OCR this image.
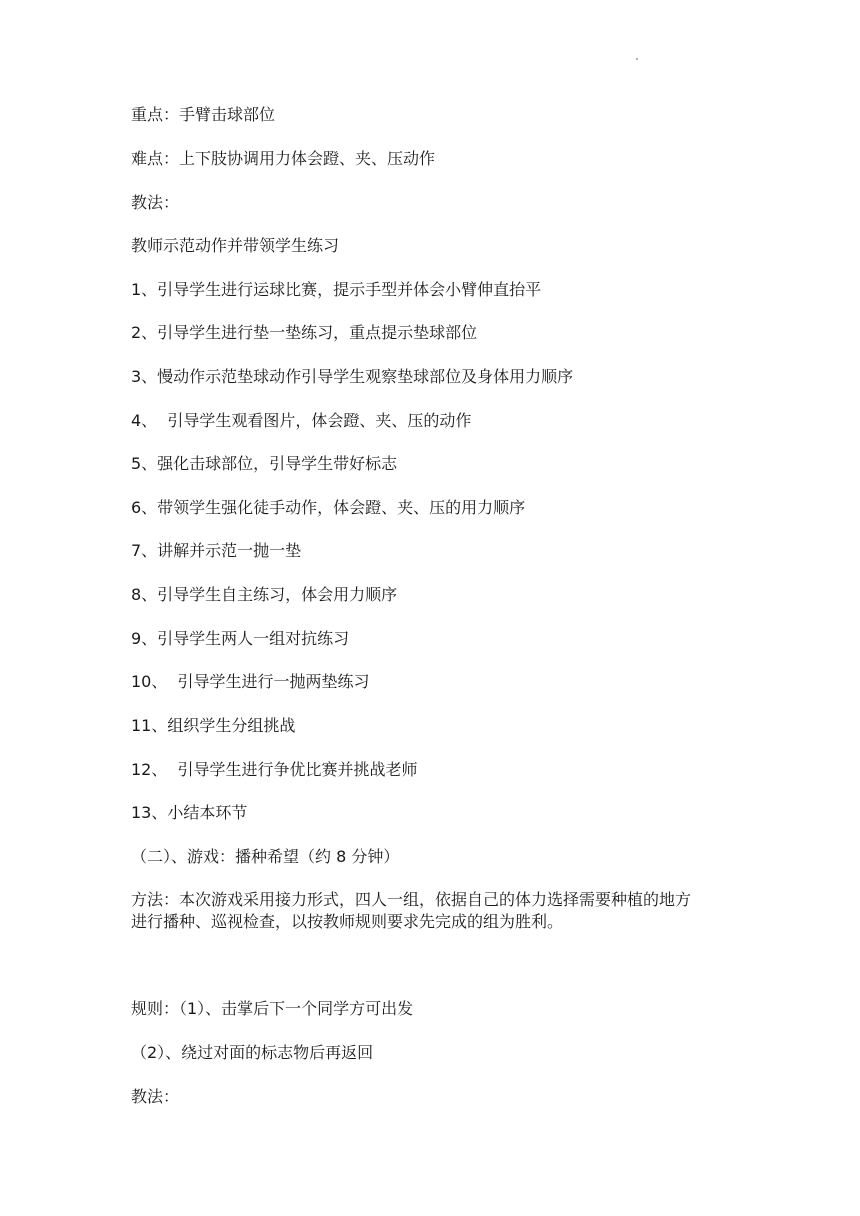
重点：手臂击球部位
难点：上下肢协调用力体会蹬、夹、压动作
教法：
教师示范动作并带领学生练习
1、引导学生进行运球比赛，提示手型并体会小臂伸直抬平
2、引导学生进行垫一垫练习，重点提示垫球部位
3、慢动作示范垫球动作引导学生观察垫球部位及身体用力顺序
4、  引导学生观看图片，体会蹬、夹、压的动作
5、强化击球部位，引导学生带好标志
6、带领学生强化徒手动作，体会蹬、夹、压的用力顺序
7、讲解并示范一抛一垫
8、引导学生自主练习，体会用力顺序
9、引导学生两人一组对抗练习
10、  引导学生进行一抛两垫练习
11、组织学生分组挑战
12、  引导学生进行争优比赛并挑战老师
13、小结本环节
（二）、游戏：播种希望（约 8 分钟）
方法：本次游戏采用接力形式，四人一组，依据自己的体力选择需要种植的地方
进行播种、巡视检查，以按教师规则要求先完成的组为胜利。
规则：（1）、击掌后下一个同学方可出发
（2）、绕过对面的标志物后再返回
教法：
